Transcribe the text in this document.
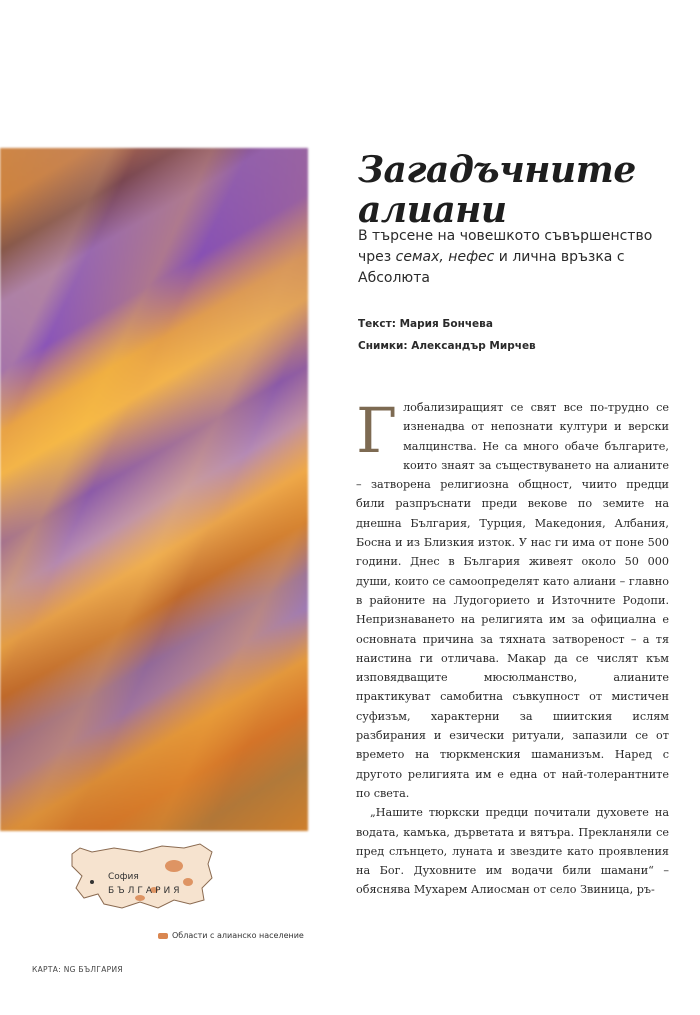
Загадъчните алиани
В търсене на човешкото съвършенство чрез семах, нефес и лична връзка с Абсолюта
Текст: Мария Бончева
Снимки: Александър Мирчев

Глобализиращият се свят все по-трудно се изненадва от непознати култури и верски малцинства. Не са много обаче българите, които знаят за съществуването на алианите – затворена религиозна общност, чиито предци били разпръснати преди векове по земите на днешна България, Турция, Македония, Албания, Босна и из Близкия изток. У нас ги има от поне 500 години. Днес в България живеят около 50 000 души, които се самоопределят като алиани – главно в районите на Лудогорието и Източните Родопи. Непризнаването на религията им за официална е основната причина за тяхната затвореност – а тя наистина ги отличава. Макар да се числят към изповядващите мюсюлманство, алианите практикуват самобитна съвкупност от мистичен суфизъм, характерни за шиитския ислям разбирания и езически ритуали, запазили се от времето на тюркменския шаманизъм. Наред с другото религията им е една от най-толерантните по света.

„Нашите тюркски предци почитали духовете на водата, камъка, дърветата и вятъра. Прекланяли се пред слънцето, луната и звездите като проявления на Бог. Духовните им водачи били шамани“ – обяснява Мухарем Алиосман от село Звиница, ръ-

София
БЪЛГАРИЯ
Области с алианско население
КАРТА: NG БЪЛГАРИЯ
